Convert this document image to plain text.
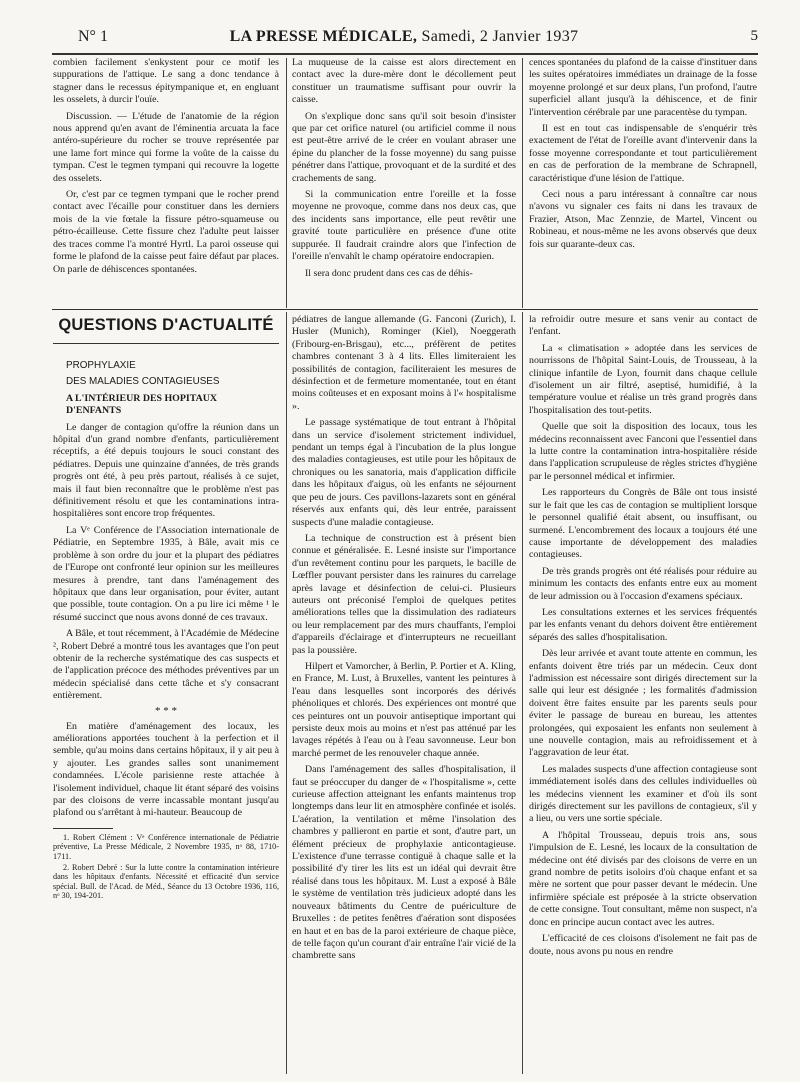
N° 1	LA PRESSE MÉDICALE, Samedi, 2 Janvier 1937	5

combien facilement s'enkystent pour ce motif les suppurations de l'attique. Le sang a donc tendance à stagner dans le recessus épitympanique et, en engluant les osselets, à durcir l'ouïe.

Discussion. — L'étude de l'anatomie de la région nous apprend qu'en avant de l'éminentia arcuata la face antéro-supérieure du rocher se trouve représentée par une lame fort mince qui forme la voûte de la caisse du tympan. C'est le tegmen tympani qui recouvre la logette des osselets.

Or, c'est par ce tegmen tympani que le rocher prend contact avec l'écaille pour constituer dans les derniers mois de la vie fœtale la fissure pétro-squameuse ou pétro-écailleuse. Cette fissure chez l'adulte peut laisser des traces comme l'a montré Hyrtl. La paroi osseuse qui forme le plafond de la caisse peut faire défaut par places. On parle de déhiscences spontanées.

La muqueuse de la caisse est alors directement en contact avec la dure-mère dont le décollement peut constituer un traumatisme suffisant pour ouvrir la caisse.

On s'explique donc sans qu'il soit besoin d'insister que par cet orifice naturel (ou artificiel comme il nous est peut-être arrivé de le créer en voulant abraser une épine du plancher de la fosse moyenne) du sang puisse pénétrer dans l'attique, provoquant et de la surdité et des crachements de sang.

Si la communication entre l'oreille et la fosse moyenne ne provoque, comme dans nos deux cas, que des incidents sans importance, elle peut revêtir une gravité toute particulière en présence d'une otite suppurée. Il faudrait craindre alors que l'infection de l'oreille n'envahît le champ opératoire endocrapien.

Il sera donc prudent dans ces cas de déhis-

cences spontanées du plafond de la caisse d'instituer dans les suites opératoires immédiates un drainage de la fosse moyenne prolongé et sur deux plans, l'un profond, l'autre superficiel allant jusqu'à la déhiscence, et de finir l'intervention cérébrale par une paracentèse du tympan.

Il est en tout cas indispensable de s'enquérir très exactement de l'état de l'oreille avant d'intervenir dans la fosse moyenne correspondante et tout particulièrement en cas de perforation de la membrane de Schrapnell, caractéristique d'une lésion de l'attique.

Ceci nous a paru intéressant à connaître car nous n'avons vu signaler ces faits ni dans les travaux de Frazier, Atson, Mac Zennzie, de Martel, Vincent ou Robineau, et nous-même ne les avons observés que deux fois sur quarante-deux cas.

QUESTIONS D'ACTUALITÉ

PROPHYLAXIE

DES MALADIES CONTAGIEUSES

A L'INTÉRIEUR DES HOPITAUX

D'ENFANTS

Le danger de contagion qu'offre la réunion dans un hôpital d'un grand nombre d'enfants, particulièrement réceptifs, a été depuis toujours le souci constant des pédiatres. Depuis une quinzaine d'années, de très grands progrès ont été, à peu près partout, réalisés à ce sujet, mais il faut bien reconnaître que le problème n'est pas définitivement résolu et que les contaminations intra-hospitalières sont encore trop fréquentes.

La Vᵉ Conférence de l'Association internationale de Pédiatrie, en Septembre 1935, à Bâle, avait mis ce problème à son ordre du jour et la plupart des pédiatres de l'Europe ont confronté leur opinion sur les meilleures mesures à prendre, tant dans l'aménagement des hôpitaux que dans leur organisation, pour éviter, autant que possible, toute contagion. On a pu lire ici même ¹ le résumé succinct que nous avons donné de ces travaux.

A Bâle, et tout récemment, à l'Académie de Médecine ², Robert Debré a montré tous les avantages que l'on peut obtenir de la recherche systématique des cas suspects et de l'application précoce des méthodes préventives par un médecin spécialisé dans cette tâche et s'y consacrant entièrement.

* * *

En matière d'aménagement des locaux, les améliorations apportées touchent à la perfection et il semble, qu'au moins dans certains hôpitaux, il y ait peu à y ajouter. Les grandes salles sont unanimement condamnées. L'école parisienne reste attachée à l'isolement individuel, chaque lit étant séparé des voisins par des cloisons de verre incassable montant jusqu'au plafond ou s'arrêtant à mi-hauteur. Beaucoup de

1. Robert Clément : Vᵉ Conférence internationale de Pédiatrie préventive, La Presse Médicale, 2 Novembre 1935, nᵒ 88, 1710-1711.

2. Robert Debré : Sur la lutte contre la contamination intérieure dans les hôpitaux d'enfants. Nécessité et efficacité d'un service spécial. Bull. de l'Acad. de Méd., Séance du 13 Octobre 1936, 116, nᵒ 30, 194-201.

pédiatres de langue allemande (G. Fanconi (Zurich), I. Husler (Munich), Rominger (Kiel), Noeggerath (Fribourg-en-Brisgau), etc..., préfèrent de petites chambres contenant 3 à 4 lits. Elles limiteraient les possibilités de contagion, faciliteraient les mesures de désinfection et de fermeture momentanée, tout en étant moins coûteuses et en exposant moins à l'« hospitalisme ».

Le passage systématique de tout entrant à l'hôpital dans un service d'isolement strictement individuel, pendant un temps égal à l'incubation de la plus longue des maladies contagieuses, est utile pour les hôpitaux de chroniques ou les sanatoria, mais d'application difficile dans les hôpitaux d'aigus, où les enfants ne séjournent que peu de jours. Ces pavillons-lazarets sont en général réservés aux enfants qui, dès leur entrée, paraissent suspects d'une maladie contagieuse.

La technique de construction est à présent bien connue et généralisée. E. Lesné insiste sur l'importance d'un revêtement continu pour les parquets, le bacille de Lœffler pouvant persister dans les rainures du carrelage après lavage et désinfection de celui-ci. Plusieurs auteurs ont préconisé l'emploi de quelques petites améliorations telles que la dissimulation des radiateurs ou leur remplacement par des murs chauffants, l'emploi d'appareils d'éclairage et d'interrupteurs ne recueillant pas la poussière.

Hilpert et Vamorcher, à Berlin, P. Portier et A. Kling, en France, M. Lust, à Bruxelles, vantent les peintures à l'eau dans lesquelles sont incorporés des dérivés phénoliques et chlorés. Des expériences ont montré que ces peintures ont un pouvoir antiseptique important qui persiste deux mois au moins et n'est pas atténué par les lavages répétés à l'eau ou à l'eau savonneuse. Leur bon marché permet de les renouveler chaque année.

Dans l'aménagement des salles d'hospitalisation, il faut se préoccuper du danger de « l'hospitalisme », cette curieuse affection atteignant les enfants maintenus trop longtemps dans leur lit en atmosphère confinée et isolés. L'aération, la ventilation et même l'insolation des chambres y pallieront en partie et sont, d'autre part, un élément précieux de prophylaxie anticontagieuse. L'existence d'une terrasse contiguë à chaque salle et la possibilité d'y tirer les lits est un idéal qui devrait être réalisé dans tous les hôpitaux. M. Lust a exposé à Bâle le système de ventilation très judicieux adopté dans les nouveaux bâtiments du Centre de puériculture de Bruxelles : de petites fenêtres d'aération sont disposées en haut et en bas de la paroi extérieure de chaque pièce, de telle façon qu'un courant d'air entraîne l'air vicié de la chambrette sans

la refroidir outre mesure et sans venir au contact de l'enfant.

La « climatisation » adoptée dans les services de nourrissons de l'hôpital Saint-Louis, de Trousseau, à la clinique infantile de Lyon, fournit dans chaque cellule d'isolement un air filtré, aseptisé, humidifié, à la température voulue et réalise un très grand progrès dans l'hospitalisation des tout-petits.

Quelle que soit la disposition des locaux, tous les médecins reconnaissent avec Fanconi que l'essentiel dans la lutte contre la contamination intra-hospitalière réside dans l'application scrupuleuse de règles strictes d'hygiène par le personnel médical et infirmier.

Les rapporteurs du Congrès de Bâle ont tous insisté sur le fait que les cas de contagion se multiplient lorsque le personnel qualifié était absent, ou insuffisant, ou surmené. L'encombrement des locaux a toujours été une cause importante de développement des maladies contagieuses.

De très grands progrès ont été réalisés pour réduire au minimum les contacts des enfants entre eux au moment de leur admission ou à l'occasion d'examens spéciaux.

Les consultations externes et les services fréquentés par les enfants venant du dehors doivent être entièrement séparés des salles d'hospitalisation.

Dès leur arrivée et avant toute attente en commun, les enfants doivent être triés par un médecin. Ceux dont l'admission est nécessaire sont dirigés directement sur la salle qui leur est désignée ; les formalités d'admission doivent être faites ensuite par les parents seuls pour éviter le passage de bureau en bureau, les attentes prolongées, qui exposaient les enfants non seulement à une nouvelle contagion, mais au refroidissement et à l'aggravation de leur état.

Les malades suspects d'une affection contagieuse sont immédiatement isolés dans des cellules individuelles où les médecins viennent les examiner et d'où ils sont dirigés directement sur les pavillons de contagieux, s'il y a lieu, ou vers une sortie spéciale.

A l'hôpital Trousseau, depuis trois ans, sous l'impulsion de E. Lesné, les locaux de la consultation de médecine ont été divisés par des cloisons de verre en un grand nombre de petits isoloirs d'où chaque enfant et sa mère ne sortent que pour passer devant le médecin. Une infirmière spéciale est préposée à la stricte observation de cette consigne. Tout consultant, même non suspect, n'a donc en principe aucun contact avec les autres.

L'efficacité de ces cloisons d'isolement ne fait pas de doute, nous avons pu nous en rendre
